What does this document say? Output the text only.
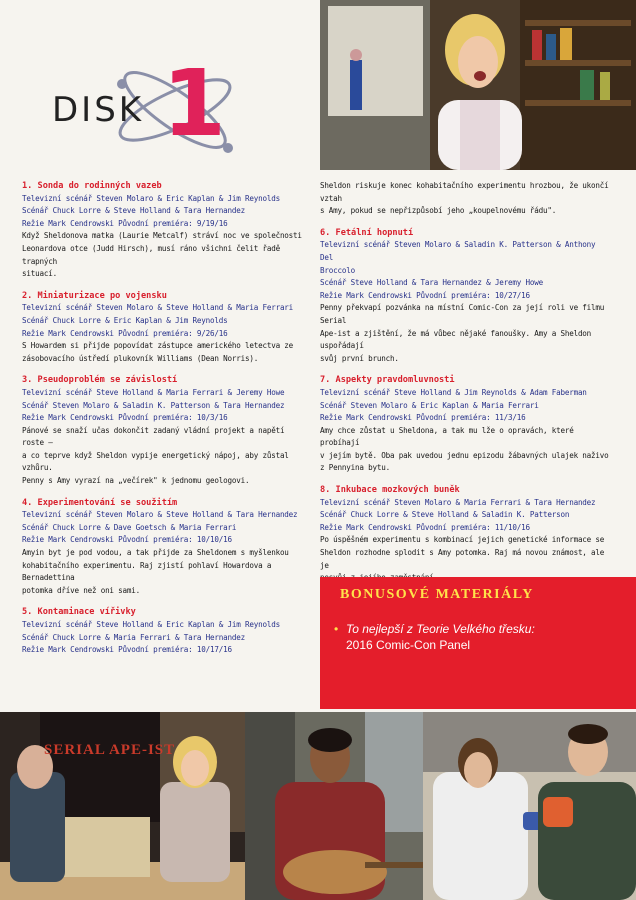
DISK 1
1. Sonda do rodinných vazeb
Televizní scénář Steven Molaro & Eric Kaplan & Jim Reynolds
Scénář Chuck Lorre & Steve Holland & Tara Hernandez
Režie Mark Cendrowski Původní premiéra: 9/19/16
Když Sheldonova matka (Laurie Metcalf) stráví noc ve společnosti
Leonardova otce (Judd Hirsch), musí ráno všichni čelit řadě trapných
situací.
2. Miniaturizace po vojensku
Televizní scénář Steven Molaro & Steve Holland & Maria Ferrari
Scénář Chuck Lorre & Eric Kaplan & Jim Reynolds
Režie Mark Cendrowski Původní premiéra: 9/26/16
S Howardem si přijde popovídat zástupce amerického letectva ze
zásobovacího ústředí plukovník Williams (Dean Norris).
3. Pseudoproblém se závislostí
Televizní scénář Steve Holland & Maria Ferrari & Jeremy Howe
Scénář Steven Molaro & Saladin K. Patterson & Tara Hernandez
Režie Mark Cendrowski Původní premiéra: 10/3/16
Pánové se snaží učas dokončit zadaný vládní projekt a napětí roste –
a co teprve když Sheldon vypije energetický nápoj, aby zůstal vzhůru.
Penny s Amy vyrazí na „večírek" k jednomu geologovi.
4. Experimentování se soužitím
Televizní scénář Steven Molaro & Steve Holland & Tara Hernandez
Scénář Chuck Lorre & Dave Goetsch & Maria Ferrari
Režie Mark Cendrowski Původní premiéra: 10/10/16
Amyin byt je pod vodou, a tak přijde za Sheldonem s myšlenkou
kohabitačního experimentu. Raj zjistí pohlaví Howardova a Bernadettina
potomka dříve než oni sami.
5. Kontaminace vířivky
Televizní scénář Steve Holland & Eric Kaplan & Jim Reynolds
Scénář Chuck Lorre & Maria Ferrari & Tara Hernandez
Režie Mark Cendrowski Původní premiéra: 10/17/16
Sheldon riskuje konec kohabitačního experimentu hrozbou, že ukončí vztah
s Amy, pokud se nepřizpůsobí jeho „koupelnovému řádu".
6. Fetální hopnutí
Televizní scénář Steven Molaro & Saladin K. Patterson & Anthony Del
Broccolo
Scénář Steve Holland & Tara Hernandez & Jeremy Howe
Režie Mark Cendrowski Původní premiéra: 10/27/16
Penny překvapí pozvánka na místní Comic-Con za její roli ve filmu Serial
Ape-ist a zjištění, že má vůbec nějaké fanoušky. Amy a Sheldon uspořádají
svůj první brunch.
7. Aspekty pravdomluvnosti
Televizní scénář Steve Holland & Jim Reynolds & Adam Faberman
Scénář Steven Molaro & Eric Kaplan & Maria Ferrari
Režie Mark Cendrowski Původní premiéra: 11/3/16
Amy chce zůstat u Sheldona, a tak mu lže o opravách, které probíhají
v jejím bytě. Oba pak uvedou jednu epizodu žábavných ulajek naživo
z Pennyina bytu.
8. Inkubace mozkových buněk
Televizní scénář Steven Molaro & Maria Ferrari & Tara Hernandez
Scénář Chuck Lorre & Steve Holland & Saladin K. Patterson
Režie Mark Cendrowski Původní premiéra: 11/10/16
Po úspěšném experimentu s kombinací jejich genetické informace se
Sheldon rozhodne splodit s Amy potomka. Raj má novou známost, ale je
BONUSOVÉ MATERIÁLY
• To nejlepší z Teorie Velkého třesku:
2016 Comic-Con Panel
SERIAL APE-IST
